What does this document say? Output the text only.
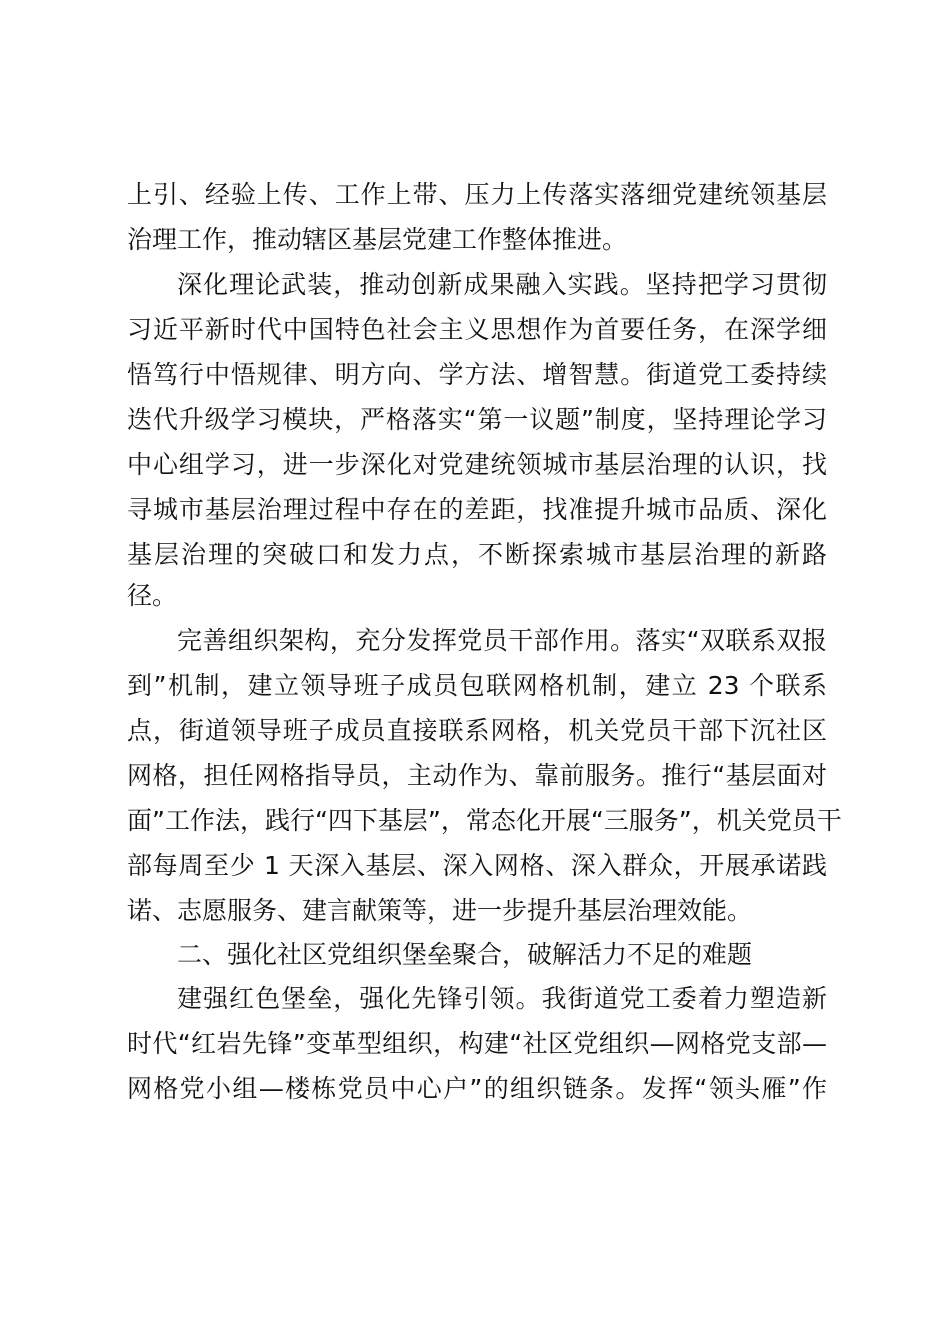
上引、经验上传、工作上带、压力上传落实落细党建统领基层
治理工作，推动辖区基层党建工作整体推进。
深化理论武装，推动创新成果融入实践。坚持把学习贯彻
习近平新时代中国特色社会主义思想作为首要任务，在深学细
悟笃行中悟规律、明方向、学方法、增智慧。街道党工委持续
迭代升级学习模块，严格落实“第一议题”制度，坚持理论学习
中心组学习，进一步深化对党建统领城市基层治理的认识，找
寻城市基层治理过程中存在的差距，找准提升城市品质、深化
基层治理的突破口和发力点，不断探索城市基层治理的新路
径。
完善组织架构，充分发挥党员干部作用。落实“双联系双报
到”机制，建立领导班子成员包联网格机制，建立 23 个联系
点，街道领导班子成员直接联系网格，机关党员干部下沉社区
网格，担任网格指导员，主动作为、靠前服务。推行“基层面对
面”工作法，践行“四下基层”，常态化开展“三服务”，机关党员干
部每周至少 1 天深入基层、深入网格、深入群众，开展承诺践
诺、志愿服务、建言献策等，进一步提升基层治理效能。
二、强化社区党组织堡垒聚合，破解活力不足的难题
建强红色堡垒，强化先锋引领。我街道党工委着力塑造新
时代“红岩先锋”变革型组织，构建“社区党组织—网格党支部—
网格党小组—楼栋党员中心户”的组织链条。发挥“领头雁”作
